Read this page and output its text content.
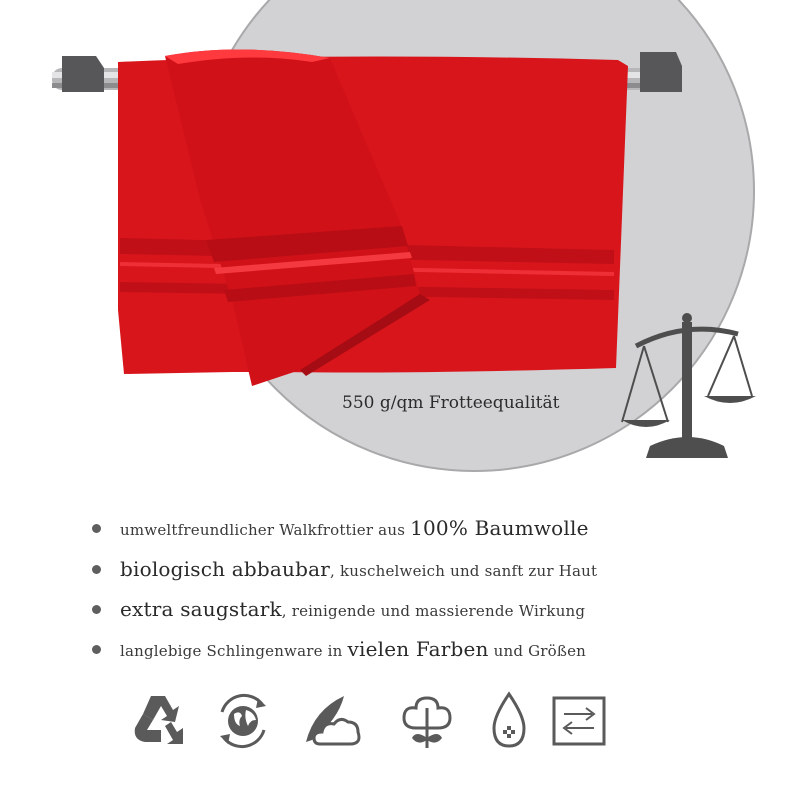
550 g/qm Frotteequalität
umweltfreundlicher Walkfrottier aus 100% Baumwolle
biologisch abbaubar, kuschelweich und sanft zur Haut
extra saugstark, reinigende und massierende Wirkung
langlebige Schlingenware in vielen Farben und Größen
